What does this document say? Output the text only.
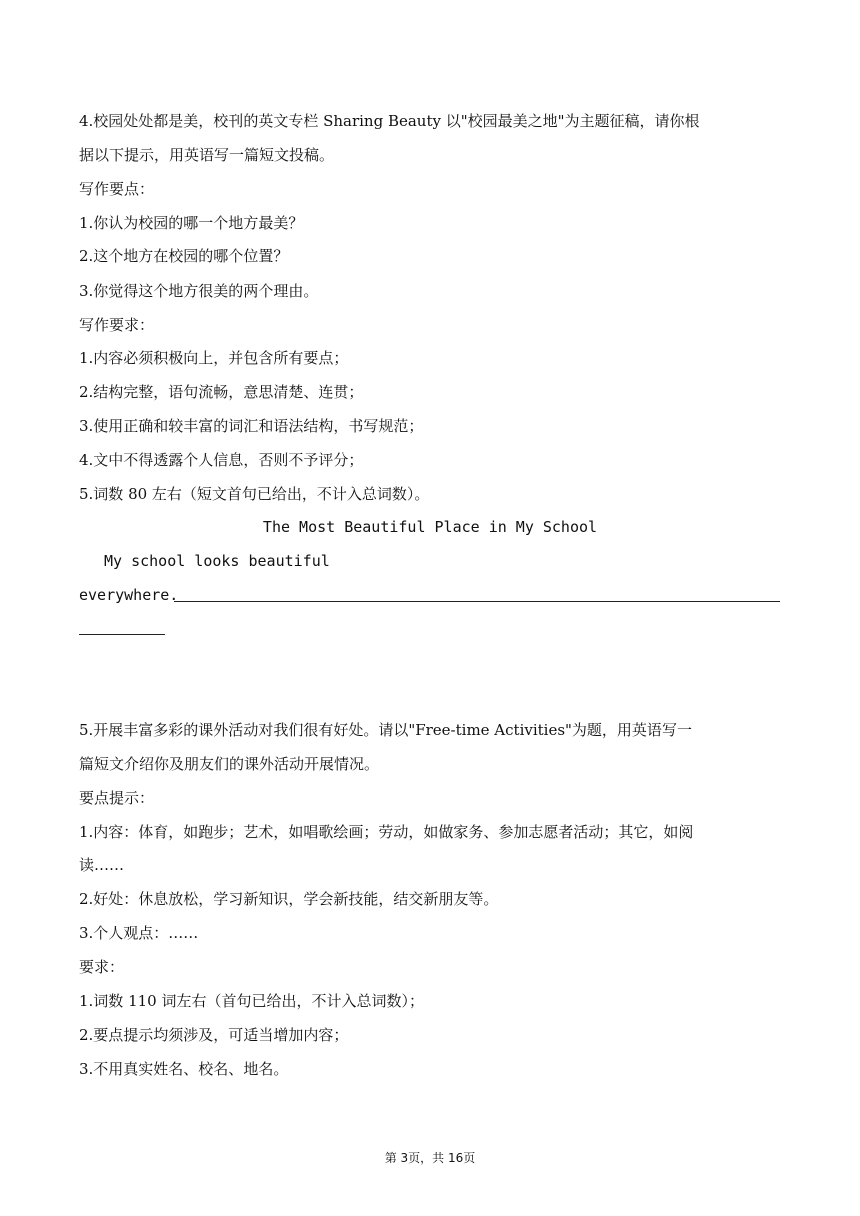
4.校园处处都是美，校刊的英文专栏 Sharing Beauty 以"校园最美之地"为主题征稿，请你根
据以下提示，用英语写一篇短文投稿。
写作要点：
1.你认为校园的哪一个地方最美？
2.这个地方在校园的哪个位置？
3.你觉得这个地方很美的两个理由。
写作要求：
1.内容必须积极向上，并包含所有要点；
2.结构完整，语句流畅，意思清楚、连贯；
3.使用正确和较丰富的词汇和语法结构，书写规范；
4.文中不得透露个人信息，否则不予评分；
5.词数 80 左右（短文首句已给出，不计入总词数）。
The Most Beautiful Place in My School
My school looks beautiful
everywhere.
5.开展丰富多彩的课外活动对我们很有好处。请以"Free-time Activities"为题，用英语写一
篇短文介绍你及朋友们的课外活动开展情况。
要点提示：
1.内容：体育，如跑步；艺术，如唱歌绘画；劳动，如做家务、参加志愿者活动；其它，如阅
读……
2.好处：休息放松，学习新知识，学会新技能，结交新朋友等。
3.个人观点：……
要求：
1.词数 110 词左右（首句已给出，不计入总词数）；
2.要点提示均须涉及，可适当增加内容；
3.不用真实姓名、校名、地名。
第 3页，共 16页
